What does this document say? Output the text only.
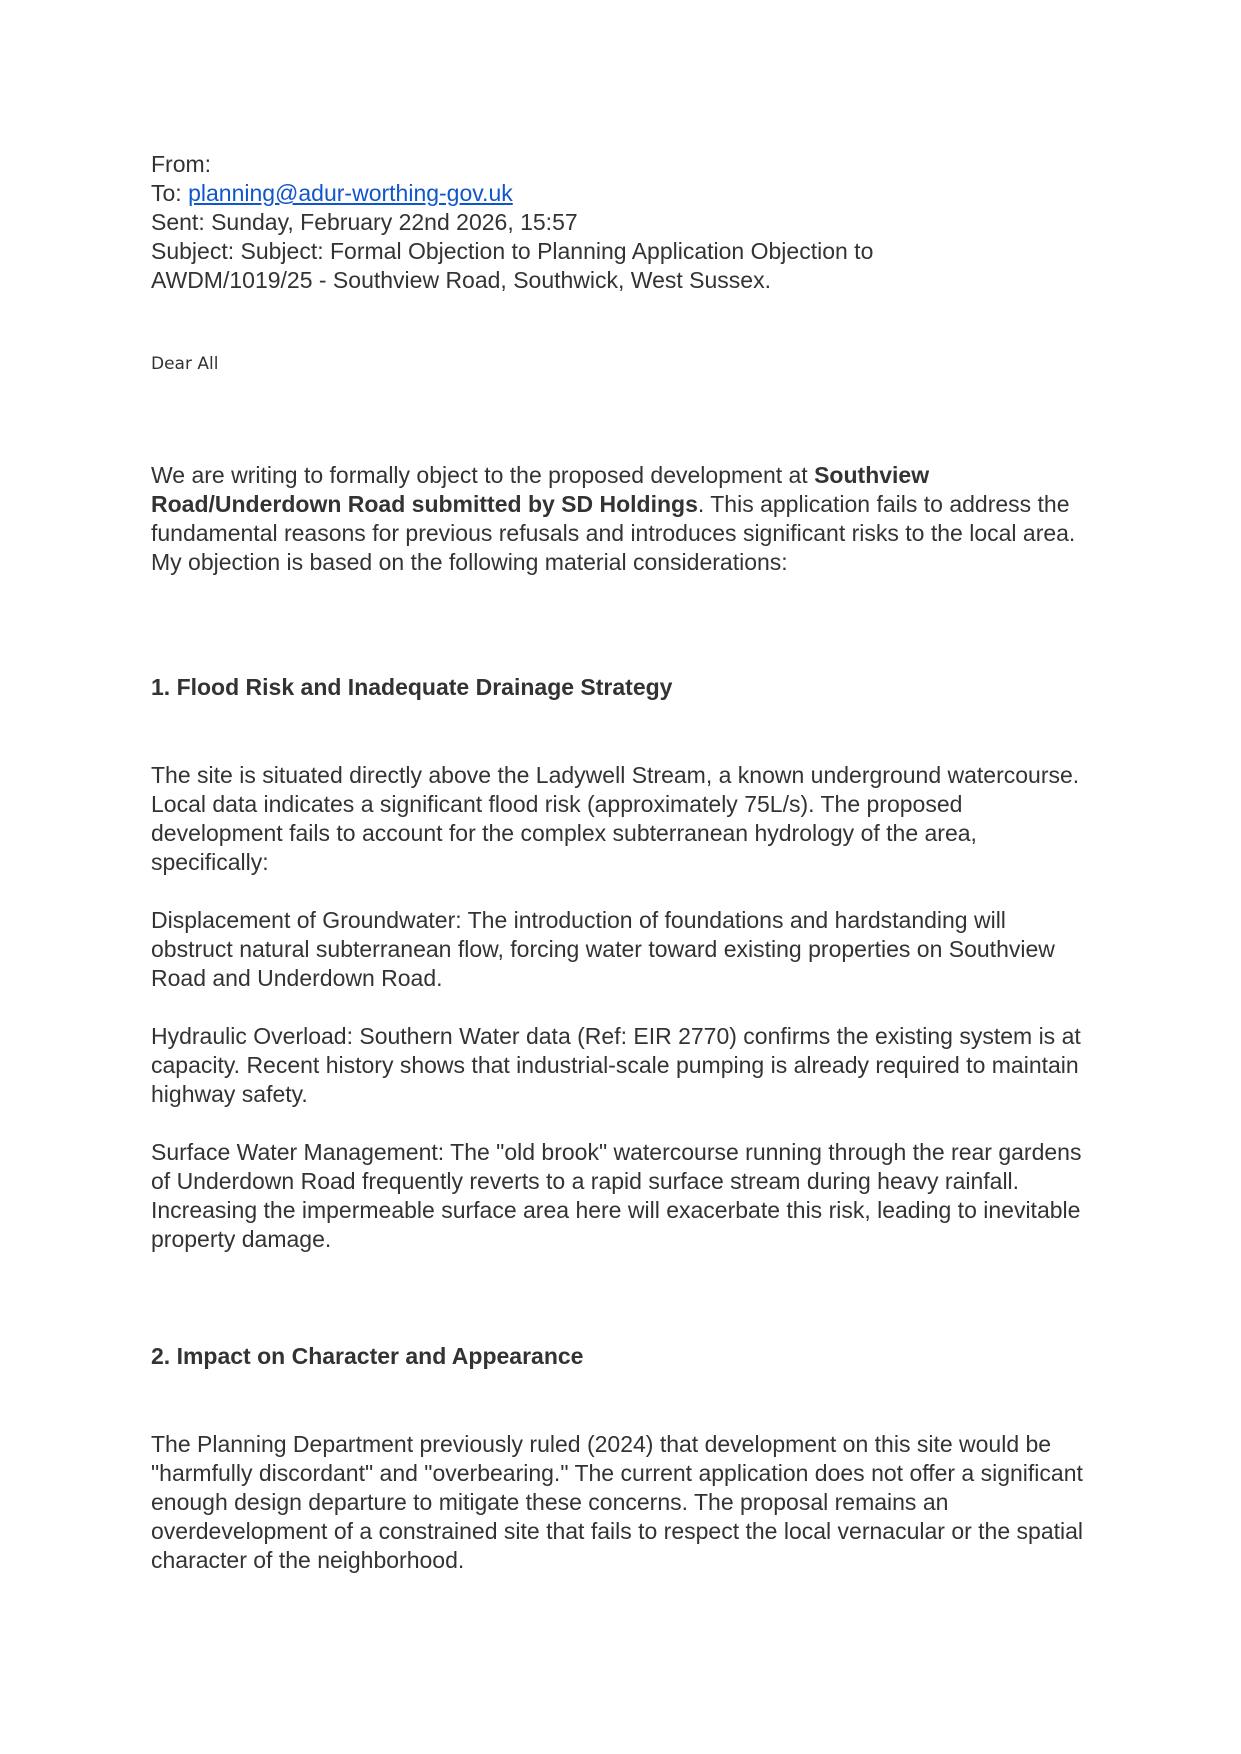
From:

To: planning@adur-worthing-gov.uk

Sent: Sunday, February 22nd 2026, 15:57

Subject: Subject: Formal Objection to Planning Application Objection to

AWDM/1019/25 - Southview Road, Southwick, West Sussex.

Dear All

We are writing to formally object to the proposed development at Southview Road/Underdown Road submitted by SD Holdings. This application fails to address the fundamental reasons for previous refusals and introduces significant risks to the local area. My objection is based on the following material considerations:

1. Flood Risk and Inadequate Drainage Strategy

The site is situated directly above the Ladywell Stream, a known underground watercourse. Local data indicates a significant flood risk (approximately 75L/s). The proposed development fails to account for the complex subterranean hydrology of the area, specifically:

Displacement of Groundwater: The introduction of foundations and hardstanding will obstruct natural subterranean flow, forcing water toward existing properties on Southview Road and Underdown Road.

Hydraulic Overload: Southern Water data (Ref: EIR 2770) confirms the existing system is at capacity. Recent history shows that industrial-scale pumping is already required to maintain highway safety.

Surface Water Management: The "old brook" watercourse running through the rear gardens of Underdown Road frequently reverts to a rapid surface stream during heavy rainfall. Increasing the impermeable surface area here will exacerbate this risk, leading to inevitable property damage.

2. Impact on Character and Appearance

The Planning Department previously ruled (2024) that development on this site would be "harmfully discordant" and "overbearing." The current application does not offer a significant enough design departure to mitigate these concerns. The proposal remains an overdevelopment of a constrained site that fails to respect the local vernacular or the spatial character of the neighborhood.
